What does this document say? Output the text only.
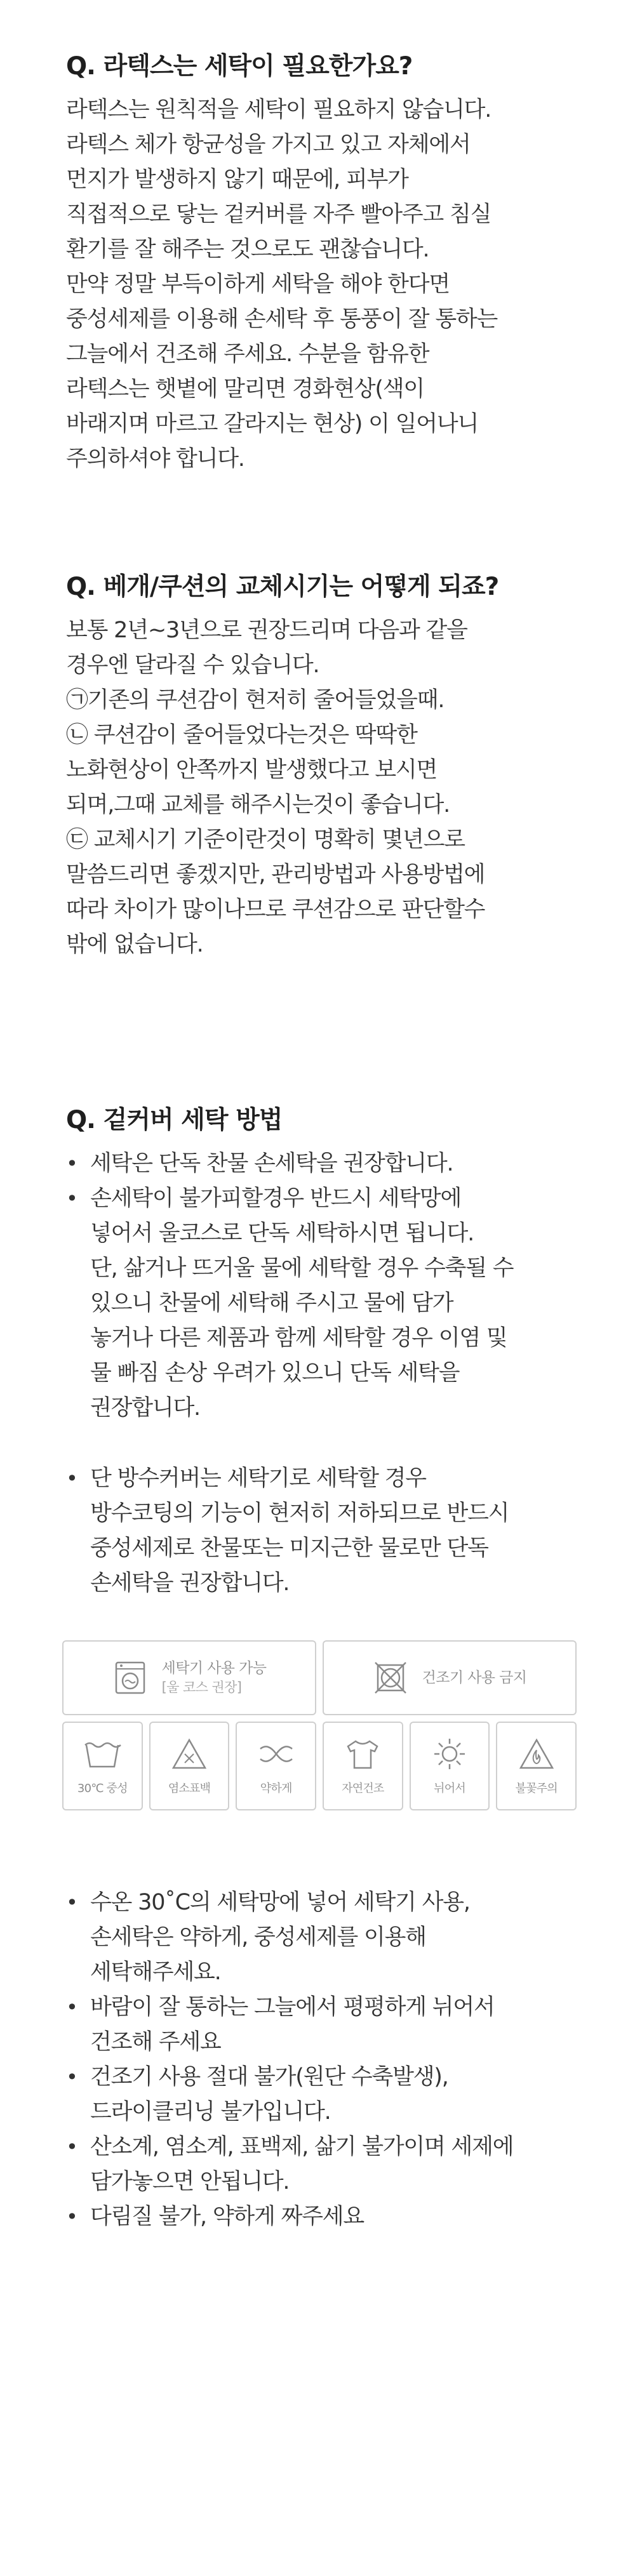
Q. 라텍스는 세탁이 필요한가요?
라텍스는 원칙적을 세탁이 필요하지 않습니다.
라텍스 체가 항균성을 가지고 있고 자체에서
먼지가 발생하지 않기 때문에, 피부가
직접적으로 닿는 겉커버를 자주 빨아주고 침실
환기를 잘 해주는 것으로도 괜찮습니다.
만약 정말 부득이하게 세탁을 해야 한다면
중성세제를 이용해 손세탁 후 통풍이 잘 통하는
그늘에서 건조해 주세요. 수분을 함유한
라텍스는 햇볕에 말리면 경화현상(색이
바래지며 마르고 갈라지는 현상) 이 일어나니
주의하셔야 합니다.
Q. 베개/쿠션의 교체시기는 어떻게 되죠?
보통 2년~3년으로 권장드리며 다음과 같을
경우엔 달라질 수 있습니다.
㉠기존의 쿠션감이 현저히 줄어들었을때.
㉡ 쿠션감이 줄어들었다는것은 딱딱한
노화현상이 안쪽까지 발생했다고 보시면
되며,그때 교체를 해주시는것이 좋습니다.
㉢ 교체시기 기준이란것이 명확히 몇년으로
말씀드리면 좋겠지만, 관리방법과 사용방법에
따라 차이가 많이나므로 쿠션감으로 판단할수
밖에 없습니다.
Q. 겉커버 세탁 방법
• 세탁은 단독 찬물 손세탁을 권장합니다.
• 손세탁이 불가피할경우 반드시 세탁망에
넣어서 울코스로 단독 세탁하시면 됩니다.
단, 삶거나 뜨거울 물에 세탁할 경우 수축될 수
있으니 찬물에 세탁해 주시고 물에 담가
놓거나 다른 제품과 함께 세탁할 경우 이염 및
물 빠짐 손상 우려가 있으니 단독 세탁을
권장합니다.
• 단 방수커버는 세탁기로 세탁할 경우
방수코팅의 기능이 현저히 저하되므로 반드시
중성세제로 찬물또는 미지근한 물로만 단독
손세탁을 권장합니다.
세탁기 사용 가능
[울 코스 권장]
건조기 사용 금지
30℃ 중성	염소표백	약하게	자연건조	뉘어서	불꽃주의
• 수온 30˚C의 세탁망에 넣어 세탁기 사용,
손세탁은 약하게, 중성세제를 이용해
세탁해주세요.
• 바람이 잘 통하는 그늘에서 평평하게 뉘어서
건조해 주세요
• 건조기 사용 절대 불가(원단 수축발생),
드라이클리닝 불가입니다.
• 산소계, 염소계, 표백제, 삶기 불가이며 세제에
담가놓으면 안됩니다.
• 다림질 불가, 약하게 짜주세요
